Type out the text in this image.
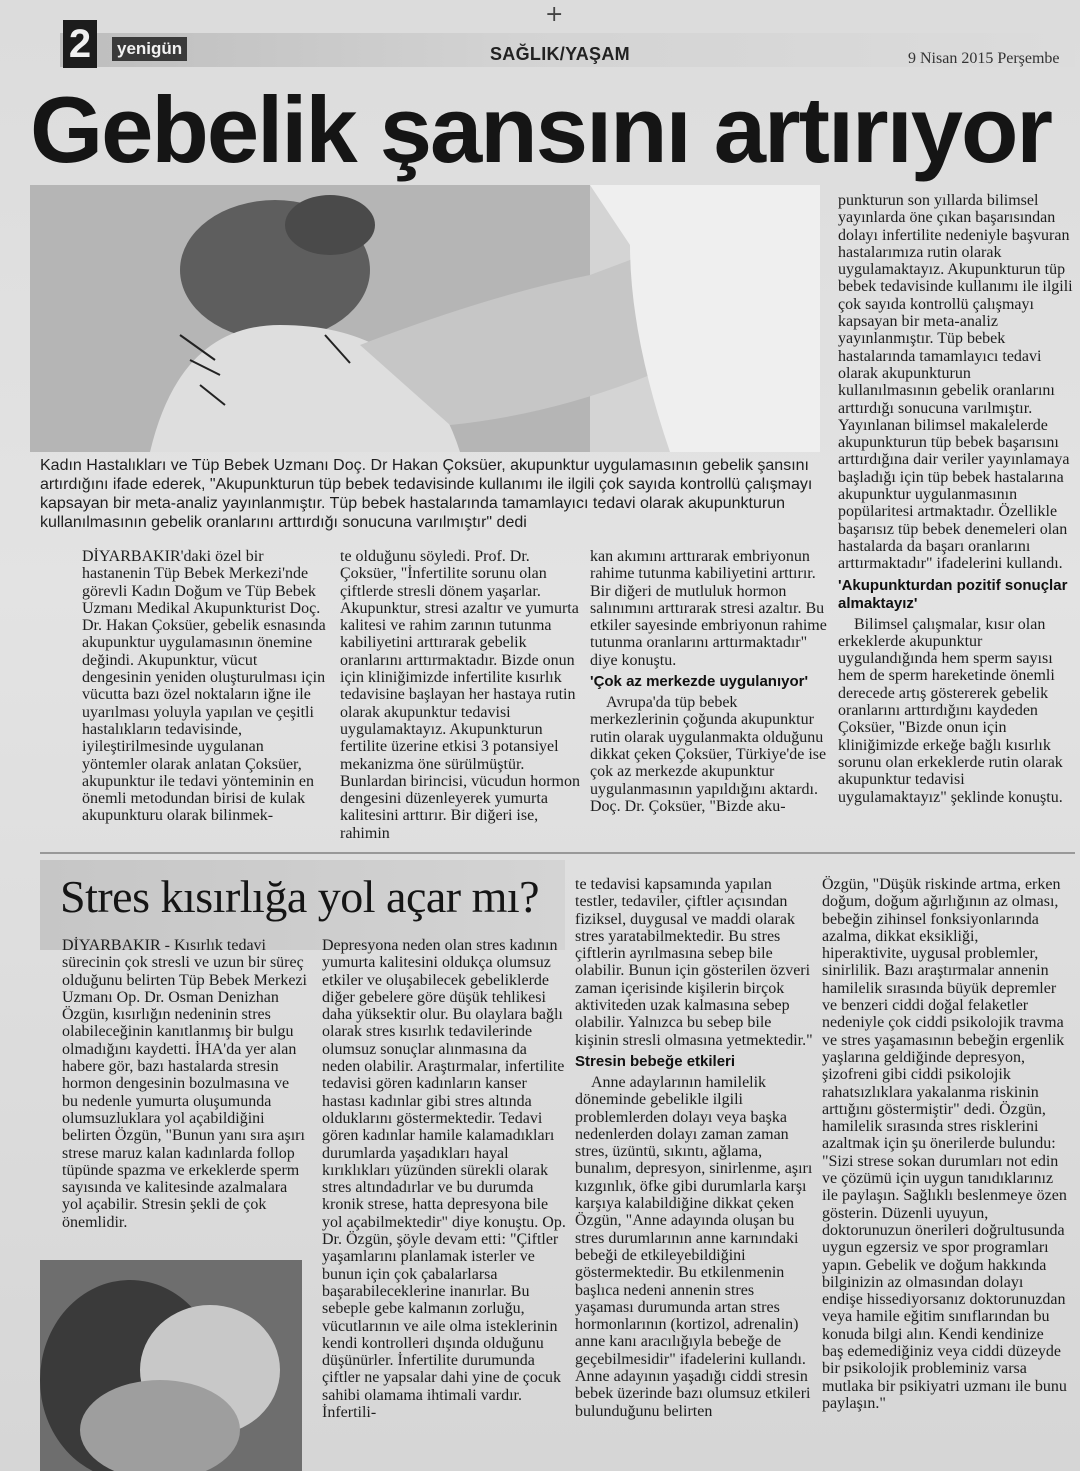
+
2	yenigün	SAĞLIK/YAŞAM	9 Nisan 2015 Perşembe
Gebelik şansını artırıyor
Kadın Hastalıkları ve Tüp Bebek Uzmanı Doç. Dr Hakan Çoksüer, akupunktur uygulamasının gebelik şansını artırdığını ifade ederek, "Akupunkturun tüp bebek tedavisinde kullanımı ile ilgili çok sayıda kontrollü çalışmayı kapsayan bir meta-analiz yayınlanmıştır. Tüp bebek hastalarında tamamlayıcı tedavi olarak akupunkturun kullanılmasının gebelik oranlarını arttırdığı sonucuna varılmıştır" dedi

DİYARBAKIR'daki özel bir hastanenin Tüp Bebek Merkezi'nde görevli Kadın Doğum ve Tüp Bebek Uzmanı Medikal Akupunkturist Doç. Dr. Hakan Çoksüer, gebelik esnasında akupunktur uygulamasının önemine değindi. Akupunktur, vücut dengesinin yeniden oluşturulması için vücutta bazı özel noktaların iğne ile uyarılması yoluyla yapılan ve çeşitli hastalıkların tedavisinde, iyileştirilmesinde uygulanan yöntemler olarak anlatan Çoksüer, akupunktur ile tedavi yönteminin en önemli metodundan birisi de kulak akupunkturu olarak bilinmek-

te olduğunu söyledi. Prof. Dr. Çoksüer, "İnfertilite sorunu olan çiftlerde stresli dönem yaşarlar. Akupunktur, stresi azaltır ve yumurta kalitesi ve rahim zarının tutunma kabiliyetini arttırarak gebelik oranlarını arttırmaktadır. Bizde onun için kliniğimizde infertilite kısırlık tedavisine başlayan her hastaya rutin olarak akupunktur tedavisi uygulamaktayız. Akupunkturun fertilite üzerine etkisi 3 potansiyel mekanizma öne sürülmüştür. Bunlardan birincisi, vücudun hormon dengesini düzenleyerek yumurta kalitesini arttırır. Bir diğeri ise, rahimin

kan akımını arttırarak embriyonun rahime tutunma kabiliyetini arttırır. Bir diğeri de mutluluk hormon salınımını arttırarak stresi azaltır. Bu etkiler sayesinde embriyonun rahime tutunma oranlarını arttırmaktadır" diye konuştu.

'Çok az merkezde uygulanıyor'

Avrupa'da tüp bebek merkezlerinin çoğunda akupunktur rutin olarak uygulanmakta olduğunu dikkat çeken Çoksüer, Türkiye'de ise çok az merkezde akupunktur uygulanmasının yapıldığını aktardı. Doç. Dr. Çoksüer, "Bizde aku-

punkturun son yıllarda bilimsel yayınlarda öne çıkan başarısından dolayı infertilite nedeniyle başvuran hastalarımıza rutin olarak uygulamaktayız. Akupunkturun tüp bebek tedavisinde kullanımı ile ilgili çok sayıda kontrollü çalışmayı kapsayan bir meta-analiz yayınlanmıştır. Tüp bebek hastalarında tamamlayıcı tedavi olarak akupunkturun kullanılmasının gebelik oranlarını arttırdığı sonucuna varılmıştır. Yayınlanan bilimsel makalelerde akupunkturun tüp bebek başarısını arttırdığına dair veriler yayınlamaya başladığı için tüp bebek hastalarına akupunktur uygulanmasının popülaritesi artmaktadır. Özellikle başarısız tüp bebek denemeleri olan hastalarda da başarı oranlarını arttırmaktadır" ifadelerini kullandı.

'Akupunkturdan pozitif sonuçlar almaktayız'

Bilimsel çalışmalar, kısır olan erkeklerde akupunktur uygulandığında hem sperm sayısı hem de sperm hareketinde önemli derecede artış göstererek gebelik oranlarını arttırdığını kaydeden Çoksüer, "Bizde onun için kliniğimizde erkeğe bağlı kısırlık sorunu olan erkeklerde rutin olarak akupunktur tedavisi uygulamaktayız" şeklinde konuştu.

Stres kısırlığa yol açar mı?

DİYARBAKIR - Kısırlık tedavi sürecinin çok stresli ve uzun bir süreç olduğunu belirten Tüp Bebek Merkezi Uzmanı Op. Dr. Osman Denizhan Özgün, kısırlığın nedeninin stres olabileceğinin kanıtlanmış bir bulgu olmadığını kaydetti. İHA'da yer alan habere gör, bazı hastalarda stresin hormon dengesinin bozulmasına ve bu nedenle yumurta oluşumunda olumsuzluklara yol açabildiğini belirten Özgün, "Bunun yanı sıra aşırı strese maruz kalan kadınlarda follop tüpünde spazma ve erkeklerde sperm sayısında ve kalitesinde azalmalara yol açabilir. Stresin şekli de çok önemlidir.

Depresyona neden olan stres kadının yumurta kalitesini oldukça olumsuz etkiler ve oluşabilecek gebeliklerde diğer gebelere göre düşük tehlikesi daha yüksektir olur. Bu olaylara bağlı olarak stres kısırlık tedavilerinde olumsuz sonuçlar alınmasına da neden olabilir. Araştırmalar, infertilite tedavisi gören kadınların kanser hastası kadınlar gibi stres altında olduklarını göstermektedir. Tedavi gören kadınlar hamile kalamadıkları durumlarda yaşadıkları hayal kırıklıkları yüzünden sürekli olarak stres altındadırlar ve bu durumda kronik strese, hatta depresyona bile yol açabilmektedir" diye konuştu. Op. Dr. Özgün, şöyle devam etti: "Çiftler yaşamlarını planlamak isterler ve bunun için çok çabalarlarsa başarabileceklerine inanırlar. Bu sebeple gebe kalmanın zorluğu, vücutlarının ve aile olma isteklerinin kendi kontrolleri dışında olduğunu düşünürler. İnfertilite durumunda çiftler ne yapsalar dahi yine de çocuk sahibi olamama ihtimali vardır. İnfertili-

te tedavisi kapsamında yapılan testler, tedaviler, çiftler açısından fiziksel, duygusal ve maddi olarak stres yaratabilmektedir. Bu stres çiftlerin ayrılmasına sebep bile olabilir. Bunun için gösterilen özveri zaman içerisinde kişilerin birçok aktiviteden uzak kalmasına sebep olabilir. Yalnızca bu sebep bile kişinin stresli olmasına yetmektedir."

Stresin bebeğe etkileri

Anne adaylarının hamilelik döneminde gebelikle ilgili problemlerden dolayı veya başka nedenlerden dolayı zaman zaman stres, üzüntü, sıkıntı, ağlama, bunalım, depresyon, sinirlenme, aşırı kızgınlık, öfke gibi durumlarla karşı karşıya kalabildiğine dikkat çeken Özgün, "Anne adayında oluşan bu stres durumlarının anne karnındaki bebeği de etkileyebildiğini göstermektedir. Bu etkilenmenin başlıca nedeni annenin stres yaşaması durumunda artan stres hormonlarının (kortizol, adrenalin) anne kanı aracılığıyla bebeğe de geçebilmesidir" ifadelerini kullandı. Anne adayının yaşadığı ciddi stresin bebek üzerinde bazı olumsuz etkileri bulunduğunu belirten

Özgün, "Düşük riskinde artma, erken doğum, doğum ağırlığının az olması, bebeğin zihinsel fonksiyonlarında azalma, dikkat eksikliği, hiperaktivite, uygusal problemler, sinirlilik. Bazı araştırmalar annenin hamilelik sırasında büyük depremler ve benzeri ciddi doğal felaketler nedeniyle çok ciddi psikolojik travma ve stres yaşamasının bebeğin ergenlik yaşlarına geldiğinde depresyon, şizofreni gibi ciddi psikolojik rahatsızlıklara yakalanma riskinin arttığını göstermiştir" dedi. Özgün, hamilelik sırasında stres risklerini azaltmak için şu önerilerde bulundu: "Sizi strese sokan durumları not edin ve çözümü için uygun tanıdıklarınız ile paylaşın. Sağlıklı beslenmeye özen gösterin. Düzenli uyuyun, doktorunuzun önerileri doğrultusunda uygun egzersiz ve spor programları yapın. Gebelik ve doğum hakkında bilginizin az olmasından dolayı endişe hissediyorsanız doktorunuzdan veya hamile eğitim sınıflarından bu konuda bilgi alın. Kendi kendinize baş edemediğiniz veya ciddi düzeyde bir psikolojik probleminiz varsa mutlaka bir psikiyatri uzmanı ile bunu paylaşın."
